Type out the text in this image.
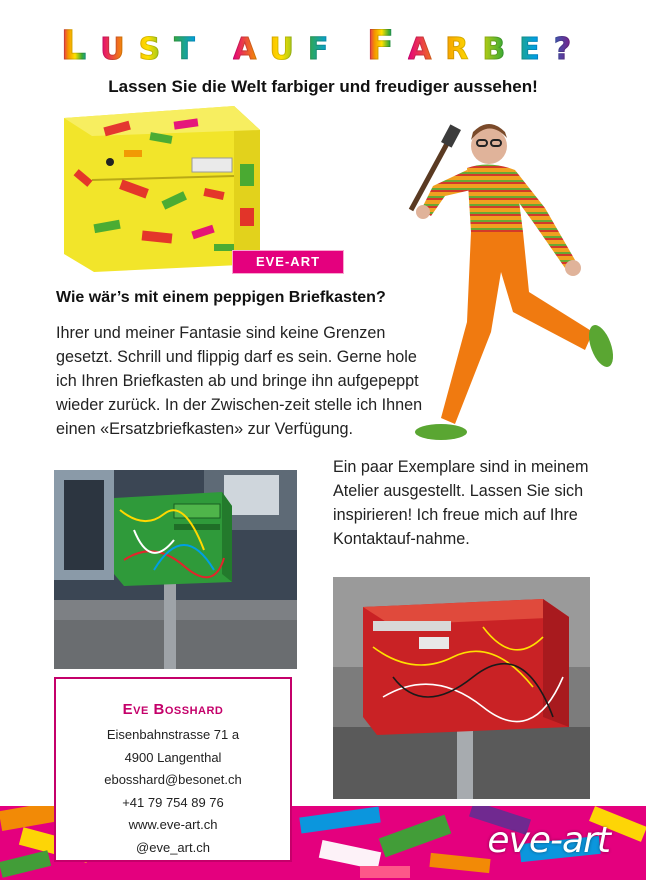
LUST AUF FARBE?
Lassen Sie die Welt farbiger und freudiger aussehen!
EVE-ART
Wie wär’s mit einem peppigen Briefkasten?
Ihrer und meiner Fantasie sind keine Grenzen gesetzt. Schrill und flippig darf es sein. Gerne hole ich Ihren Briefkasten ab und bringe ihn aufgepeppt wieder zurück. In der Zwischen-zeit stelle ich Ihnen einen «Ersatzbriefkasten» zur Verfügung.
Ein paar Exemplare sind in meinem Atelier ausgestellt. Lassen Sie sich inspirieren! Ich freue mich auf Ihre Kontaktauf-nahme.
eve-art
Eve Bosshard
Eisenbahnstrasse 71 a
4900 Langenthal
ebosshard@besonet.ch
+41 79 754 89 76
www.eve-art.ch
@eve_art.ch
